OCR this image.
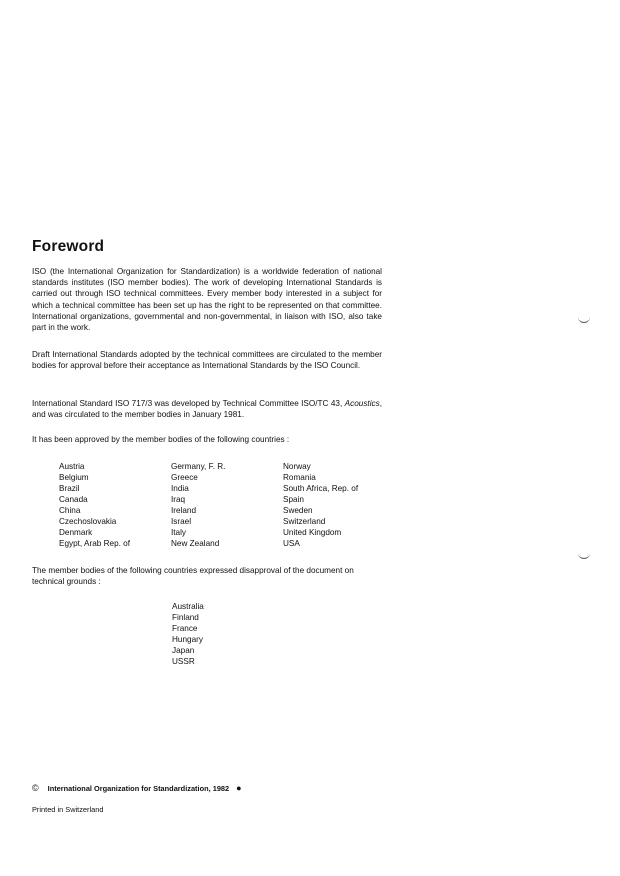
Foreword

ISO (the International Organization for Standardization) is a worldwide federation of national standards institutes (ISO member bodies). The work of developing International Standards is carried out through ISO technical committees. Every member body interested in a subject for which a technical committee has been set up has the right to be represented on that committee. International organizations, governmental and non-governmental, in liaison with ISO, also take part in the work.

Draft International Standards adopted by the technical committees are circulated to the member bodies for approval before their acceptance as International Standards by the ISO Council.

International Standard ISO 717/3 was developed by Technical Committee ISO/TC 43, Acoustics, and was circulated to the member bodies in January 1981.

It has been approved by the member bodies of the following countries :

Austria
Belgium
Brazil
Canada
China
Czechoslovakia
Denmark
Egypt, Arab Rep. of
Germany, F. R.
Greece
India
Iraq
Ireland
Israel
Italy
New Zealand
Norway
Romania
South Africa, Rep. of
Spain
Sweden
Switzerland
United Kingdom
USA

The member bodies of the following countries expressed disapproval of the document on technical grounds :

Australia
Finland
France
Hungary
Japan
USSR
© International Organization for Standardization, 1982 ●
Printed in Switzerland
